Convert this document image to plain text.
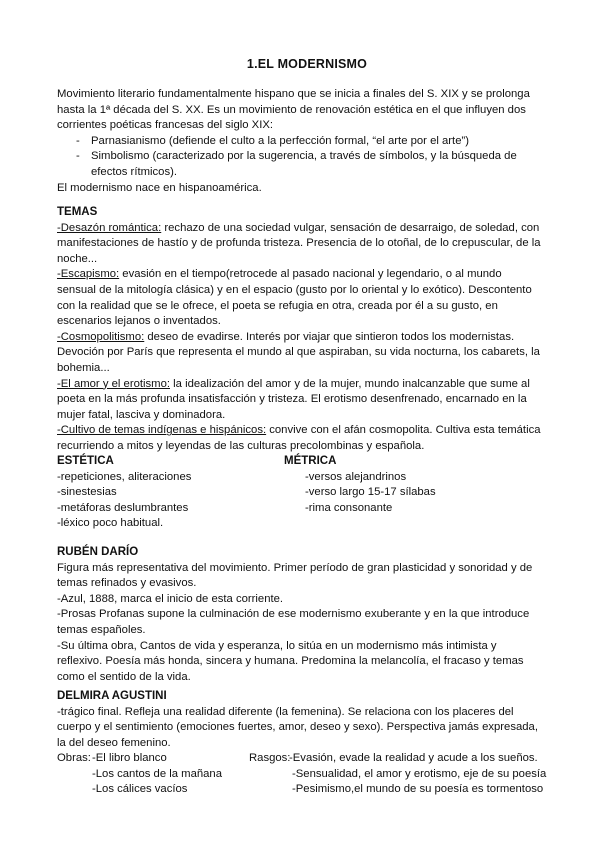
1.EL MODERNISMO
Movimiento literario fundamentalmente hispano que se inicia a finales del S. XIX y se prolonga hasta la 1ª década del S. XX. Es un movimiento de renovación estética en el que influyen dos corrientes poéticas francesas del siglo XIX:
- Parnasianismo (defiende el culto a la perfección formal, “el arte por el arte”)
- Simbolismo (caracterizado por la sugerencia, a través de símbolos, y la búsqueda de efectos rítmicos).
El modernismo nace en hispanoamérica.
TEMAS
-Desazón romántica: rechazo de una sociedad vulgar, sensación de desarraigo, de soledad, con manifestaciones de hastío y de profunda tristeza. Presencia de lo otoñal, de lo crepuscular, de la noche...
-Escapismo: evasión en el tiempo(retrocede al pasado nacional y legendario, o al mundo sensual de la mitología clásica) y en el espacio (gusto por lo oriental y lo exótico). Descontento con la realidad que se le ofrece, el poeta se refugia en otra, creada por él a su gusto, en escenarios lejanos o inventados.
-Cosmopolitismo: deseo de evadirse. Interés por viajar que sintieron todos los modernistas. Devoción por París que representa el mundo al que aspiraban, su vida nocturna, los cabarets, la bohemia...
-El amor y el erotismo: la idealización del amor y de la mujer, mundo inalcanzable que sume al poeta en la más profunda insatisfacción y tristeza. El erotismo desenfrenado, encarnado en la mujer fatal, lasciva y dominadora.
-Cultivo de temas indígenas e hispánicos: convive con el afán cosmopolita. Cultiva esta temática recurriendo a mitos y leyendas de las culturas precolombinas y española.
ESTÉTICA
-repeticiones, aliteraciones
-sinestesias
-metáforas deslumbrantes
-léxico poco habitual.
MÉTRICA
-versos alejandrinos
-verso largo 15-17 sílabas
-rima consonante
RUBÉN DARÍO
Figura más representativa del movimiento. Primer período de gran plasticidad y sonoridad y de temas refinados y evasivos.
-Azul, 1888, marca el inicio de esta corriente.
-Prosas Profanas supone la culminación de ese modernismo exuberante y en la que introduce temas españoles.
-Su última obra, Cantos de vida y esperanza, lo sitúa en un modernismo más intimista y reflexivo. Poesía más honda, sincera y humana. Predomina la melancolía, el fracaso y temas como el sentido de la vida.
DELMIRA AGUSTINI
-trágico final. Refleja una realidad diferente (la femenina). Se relaciona con los placeres del cuerpo y el sentimiento (emociones fuertes, amor, deseo y sexo). Perspectiva jamás expresada, la del deseo femenino.
Obras: -El libro blanco
-Los cantos de la mañana
-Los cálices vacíos
Rasgos:
-Evasión, evade la realidad y acude a los sueños.
-Sensualidad, el amor y erotismo, eje de su poesía
-Pesimismo,el mundo de su poesía es tormentoso
